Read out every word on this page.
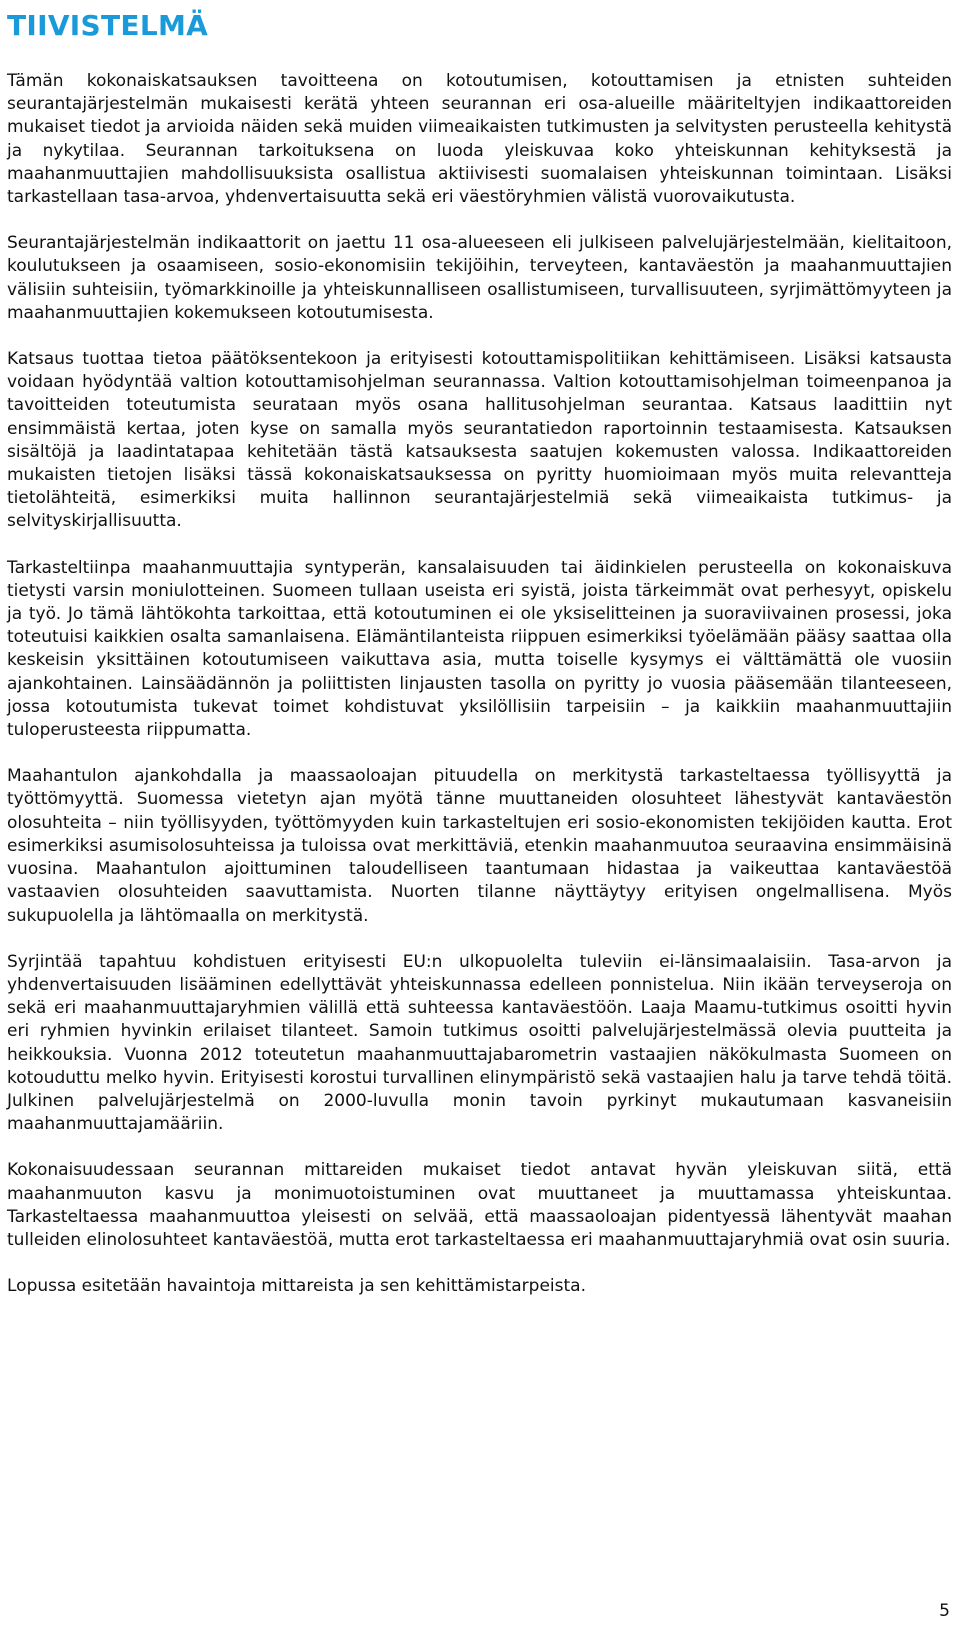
TIIVISTELMÄ

Tämän kokonaiskatsauksen tavoitteena on kotoutumisen, kotouttamisen ja etnisten suhteiden seurantajärjestelmän mukaisesti kerätä yhteen seurannan eri osa-alueille määriteltyjen indikaattoreiden mukaiset tiedot ja arvioida näiden sekä muiden viimeaikaisten tutkimusten ja selvitysten perusteella kehitystä ja nykytilaa. Seurannan tarkoituksena on luoda yleiskuvaa koko yhteiskunnan kehityksestä ja maahanmuuttajien mahdollisuuksista osallistua aktiivisesti suomalaisen yhteiskunnan toimintaan. Lisäksi tarkastellaan tasa-arvoa, yhdenvertaisuutta sekä eri väestöryhmien välistä vuorovaikutusta.

Seurantajärjestelmän indikaattorit on jaettu 11 osa-alueeseen eli julkiseen palvelujärjestelmään, kielitaitoon, koulutukseen ja osaamiseen, sosio-ekonomisiin tekijöihin, terveyteen, kantaväestön ja maahanmuuttajien välisiin suhteisiin, työmarkkinoille ja yhteiskunnalliseen osallistumiseen, turvallisuuteen, syrjimättömyyteen ja maahanmuuttajien kokemukseen kotoutumisesta.

Katsaus tuottaa tietoa päätöksentekoon ja erityisesti kotouttamispolitiikan kehittämiseen. Lisäksi katsausta voidaan hyödyntää valtion kotouttamisohjelman seurannassa. Valtion kotouttamisohjelman toimeenpanoa ja tavoitteiden toteutumista seurataan myös osana hallitusohjelman seurantaa. Katsaus laadittiin nyt ensimmäistä kertaa, joten kyse on samalla myös seurantatiedon raportoinnin testaamisesta. Katsauksen sisältöjä ja laadintatapaa kehitetään tästä katsauksesta saatujen kokemusten valossa. Indikaattoreiden mukaisten tietojen lisäksi tässä kokonaiskatsauksessa on pyritty huomioimaan myös muita relevantteja tietolähteitä, esimerkiksi muita hallinnon seurantajärjestelmiä sekä viimeaikaista tutkimus- ja selvityskirjallisuutta.

Tarkasteltiinpa maahanmuuttajia syntyperän, kansalaisuuden tai äidinkielen perusteella on kokonaiskuva tietysti varsin moniulotteinen. Suomeen tullaan useista eri syistä, joista tärkeimmät ovat perhesyyt, opiskelu ja työ. Jo tämä lähtökohta tarkoittaa, että kotoutuminen ei ole yksiselitteinen ja suoraviivainen prosessi, joka toteutuisi kaikkien osalta samanlaisena. Elämäntilanteista riippuen esimerkiksi työelämään pääsy saattaa olla keskeisin yksittäinen kotoutumiseen vaikuttava asia, mutta toiselle kysymys ei välttämättä ole vuosiin ajankohtainen. Lainsäädännön ja poliittisten linjausten tasolla on pyritty jo vuosia pääsemään tilanteeseen, jossa kotoutumista tukevat toimet kohdistuvat yksilöllisiin tarpeisiin – ja kaikkiin maahanmuuttajiin tuloperusteesta riippumatta.

Maahantulon ajankohdalla ja maassaoloajan pituudella on merkitystä tarkasteltaessa työllisyyttä ja työttömyyttä. Suomessa vietetyn ajan myötä tänne muuttaneiden olosuhteet lähestyvät kantaväestön olosuhteita – niin työllisyyden, työttömyyden kuin tarkasteltujen eri sosio-ekonomisten tekijöiden kautta. Erot esimerkiksi asumisolosuhteissa ja tuloissa ovat merkittäviä, etenkin maahanmuutoa seuraavina ensimmäisinä vuosina. Maahantulon ajoittuminen taloudelliseen taantumaan hidastaa ja vaikeuttaa kantaväestöä vastaavien olosuhteiden saavuttamista. Nuorten tilanne näyttäytyy erityisen ongelmallisena. Myös sukupuolella ja lähtömaalla on merkitystä.

Syrjintää tapahtuu kohdistuen erityisesti EU:n ulkopuolelta tuleviin ei-länsimaalaisiin. Tasa-arvon ja yhdenvertaisuuden lisääminen edellyttävät yhteiskunnassa edelleen ponnistelua. Niin ikään terveyseroja on sekä eri maahanmuuttajaryhmien välillä että suhteessa kantaväestöön. Laaja Maamu-tutkimus osoitti hyvin eri ryhmien hyvinkin erilaiset tilanteet. Samoin tutkimus osoitti palvelujärjestelmässä olevia puutteita ja heikkouksia. Vuonna 2012 toteutetun maahanmuuttajabarometrin vastaajien näkökulmasta Suomeen on kotouduttu melko hyvin. Erityisesti korostui turvallinen elinympäristö sekä vastaajien halu ja tarve tehdä töitä. Julkinen palvelujärjestelmä on 2000-luvulla monin tavoin pyrkinyt mukautumaan kasvaneisiin maahanmuuttajamääriin.

Kokonaisuudessaan seurannan mittareiden mukaiset tiedot antavat hyvän yleiskuvan siitä, että maahanmuuton kasvu ja monimuotoistuminen ovat muuttaneet ja muuttamassa yhteiskuntaa. Tarkasteltaessa maahanmuuttoa yleisesti on selvää, että maassaoloajan pidentyessä lähentyvät maahan tulleiden elinolosuhteet kantaväestöä, mutta erot tarkasteltaessa eri maahanmuuttajaryhmiä ovat osin suuria.

Lopussa esitetään havaintoja mittareista ja sen kehittämistarpeista.

5
